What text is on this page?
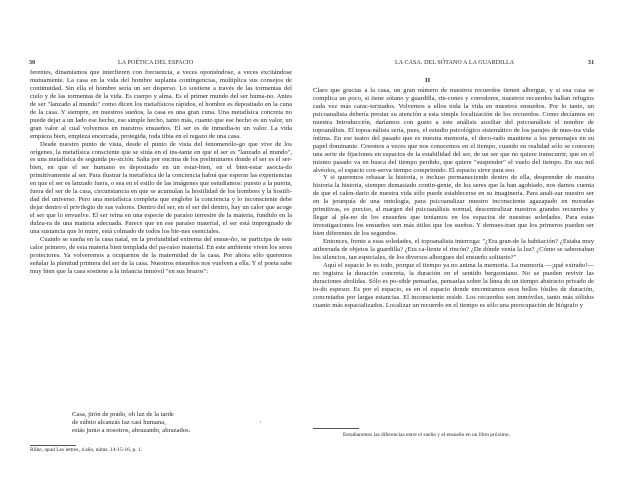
30	LA POÉTICA DEL ESPACIO

ferentes, dinamismos que interfieren con frecuencia, a veces oponiéndose, a veces excitándose mutuamente. La casa en la vida del hombre suplanta contingencias, multiplica sus consejos de continuidad. Sin ella el hombre sería un ser disperso. Lo sostiene a través de las tormentas del cielo y de las tormentas de la vida. Es cuerpo y alma. Es el primer mundo del ser huma-no. Antes de ser "lanzado al mundo" como dicen los metafísicos rápidos, el hombre es depositado en la cuna de la casa. Y siempre, en nuestros sueños, la casa es una gran cuna. Una metafísica concreta no puede dejar a un lado ese hecho, ese simple hecho, tanto más, cuanto que ese hecho es un valor, un gran valor al cual volvemos en nuestros ensueños. El ser es de inmedia-to un valor. La vida empieza bien, empieza encerrada, protegida, toda tibia en el regazo de una casa.

Desde nuestro punto de vista, desde el punto de vista del fenomenólo-go que vive de los orígenes, la metafísica consciente que se sitúa en el ins-tante en que el ser es "lanzado al mundo", es una metafísica de segunda po-sición. Salta por encima de los preliminares donde el ser es el ser-bien, en que el ser humano es depositado en un estar-bien, en el bien-estar asocia-do primitivamente al ser. Para ilustrar la metafísica de la conciencia habrá que esperar las experiencias en que el ser es lanzado fuera, o sea en el estilo de las imágenes que estudiamos: puesto a la puerta, fuera del ser de la casa, circunstancia en que se acumulan la hostilidad de los hombres y la hostili-dad del universo. Pero una metafísica completa que englobe la conciencia y lo inconsciente debe dejar dentro el privilegio de sus valores. Dentro del ser, en el ser del dentro, hay un calor que acoge el ser que lo envuelve. El ser reina en una especie de paraíso terrestre de la materia, fundido en la dulzu-ra de una materia adecuada. Parece que en ese paraíso material, el ser está impregnado de una sustancia que lo nutre, está colmado de todos los bie-nes esenciales.

Cuando se sueña en la casa natal, en la profundidad extrema del ensue-ño, se participa de este calor primero, de esta materia bien templada del pa-raíso material. En este ambiente viven los seres protectores. Ya volveremos a ocuparnos de la maternidad de la casa. Por ahora sólo queremos señalar la plenitud primera del ser de la casa. Nuestros ensueños nos vuelven a ella. Y el poeta sabe muy bien que la casa sostiene a la infancia inmóvil "en sus brazos":

Casa, jirón de prado, oh luz de la tarde
de súbito alcanzás faz casi humana,
estás junto a nosotros, abrazando, abrazados.
,
Rilke, apud Les lettres, 4 año, núms. 14-15-16, p. 1.
LA CASA. DEL SÓTANO A LA GUARDILLA	31
II

Claro que gracias a la casa, un gran número de nuestros recuerdos tienen albergue, y si esa casa se complica un poco, si tiene sótano y guardilla, rin-cones y corredores, nuestros recuerdos hallan refugios cada vez más carac-terizados. Volvemos a ellos toda la vida en nuestros ensueños. Por lo tanto, un psicoanalista debería prestar su atención a esta simple localización de los recuerdos. Como decíamos en nuestra Introducción, daríamos con gusto a este análisis auxiliar del psicoanálisis el nombre de topoanálisis. El topoa-nálisis sería, pues, el estudio psicológico sistemático de los parajes de nues-tra vida íntima. En ese teatro del pasado que es nuestra memoria, el deco-rado mantiene a los personajes en su papel dominante. Creemos a veces que nos conocemos en el tiempo, cuando en realidad sólo se conocen una serie de fijaciones en espacios de la estabilidad del ser, de un ser que no quiere transcurrir, que en el mismo pasado va en busca del tiempo perdido, que quiere "suspender" el vuelo del tiempo. En sus mil alvéolos, el espacio con-serva tiempo comprimido. El espacio sirve para eso.

Y si queremos rebasar la historia, o incluso permaneciendo dentro de ella, desprender de nuestra historia la historia, siempre demasiado contin-gente, de los seres que la han agobiado, nos damos cuenta de que el calen-dario de nuestra vida sólo puede establecerse en su imaginería. Para anali-zar nuestro ser en la jerarquía de una ontología, para psicoanalizar nuestro inconsciente agazapado en moradas primitivas, es preciso, al margen del psicoanálisis normal, descentralizar nuestros grandes recuerdos y llegar al pla-no de los ensueños que teníamos en los espacios de nuestras soledades. Para estas investigaciones los ensueños son más útiles que los sueños. Y demues-tran que los primeros pueden ser bien diferentes de los segundos.

Entonces, frente a esas soledades, el topoanalista interroga: "¿Era gran-de la habitación? ¿Estaba muy atiborrada de objetos la guardilla? ¿Era ca-liente el rincón? ¿De dónde venía la luz? ¿Cómo se saboreaban los silencios, tan especiales, de los diversos albergues del ensueño solitario?"

Aquí el espacio lo es todo, porque el tiempo ya no anima la memoria. La memoria —¡qué extraño!— no registra la duración concreta, la duración en el sentido bergsoniano. No se pueden revivir las duraciones abolidas. Sólo es po-sible pensarlas, pensarlas sobre la línea de un tiempo abstracto privado de to-do espesor. Es por el espacio, es en el espacio donde encontramos esos bellos fósiles de duración, concretados por largas estancias. El inconsciente reside. Los recuerdos son inmóviles, tanto más sólidos cuanto más espacializados. Localizar un recuerdo en el tiempo es sólo una preocupación de biógrafo y

Estudiaremos las diferencias entre el sueño y el ensueño en un libro próximo.
